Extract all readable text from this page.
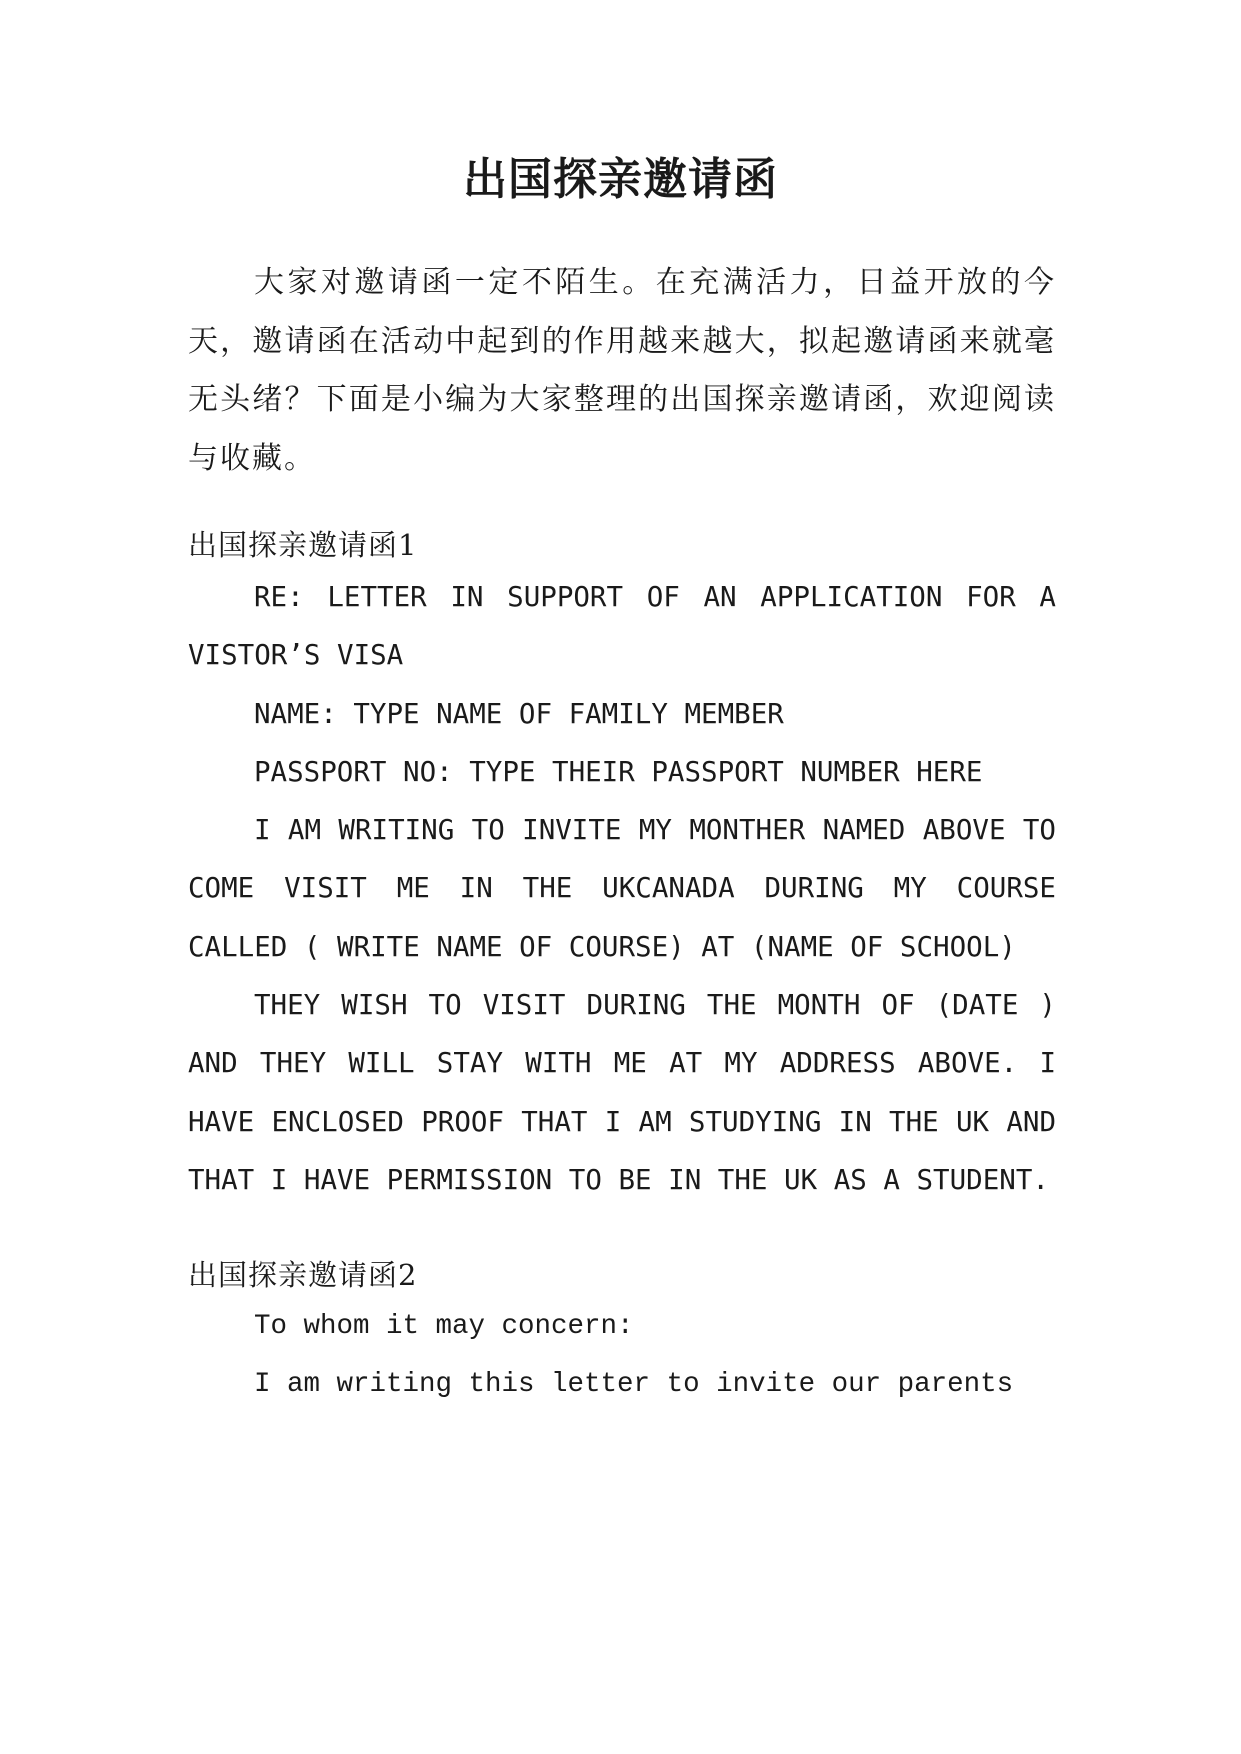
出国探亲邀请函
大家对邀请函一定不陌生。在充满活力，日益开放的今天，邀请函在活动中起到的作用越来越大，拟起邀请函来就毫无头绪？下面是小编为大家整理的出国探亲邀请函，欢迎阅读与收藏。
出国探亲邀请函1

RE: LETTER IN SUPPORT OF AN APPLICATION FOR A VISTOR’S VISA

NAME: TYPE NAME OF FAMILY MEMBER

PASSPORT NO: TYPE THEIR PASSPORT NUMBER HERE

I AM WRITING TO INVITE MY MONTHER NAMED ABOVE TO COME VISIT ME IN THE UKCANADA DURING MY COURSE CALLED ( WRITE NAME OF COURSE) AT (NAME OF SCHOOL)

THEY WISH TO VISIT DURING THE MONTH OF (DATE ) AND THEY WILL STAY WITH ME AT MY ADDRESS ABOVE. I HAVE ENCLOSED PROOF THAT I AM STUDYING IN THE UK AND THAT I HAVE PERMISSION TO BE IN THE UK AS A STUDENT.

出国探亲邀请函2

To whom it may concern:

I am writing this letter to invite our parents
